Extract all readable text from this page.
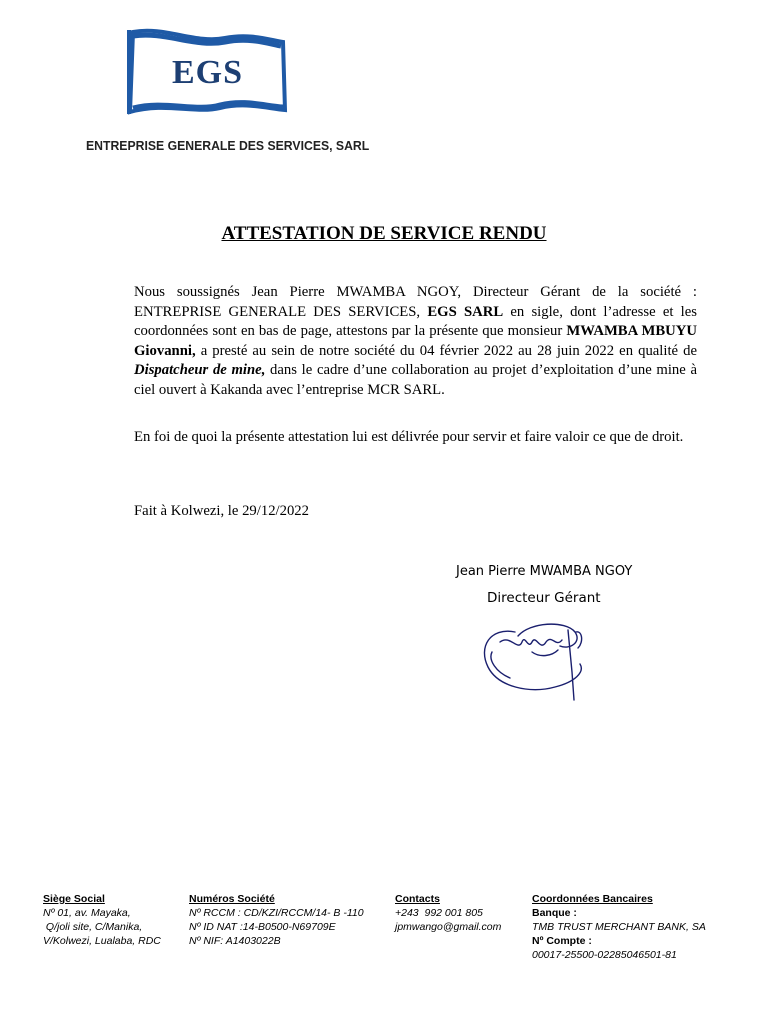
EGS
ENTREPRISE GENERALE DES SERVICES, SARL
ATTESTATION DE SERVICE RENDU
Nous soussignés Jean Pierre MWAMBA NGOY, Directeur Gérant de la société : ENTREPRISE GENERALE DES SERVICES, EGS SARL en sigle, dont l’adresse et les coordonnées sont en bas de page, attestons par la présente que monsieur MWAMBA MBUYU Giovanni, a presté au sein de notre société du 04 février 2022 au 28 juin 2022 en qualité de Dispatcheur de mine, dans le cadre d’une collaboration au projet d’exploitation d’une mine à ciel ouvert à Kakanda avec l’entreprise MCR SARL.
En foi de quoi la présente attestation lui est délivrée pour servir et faire valoir ce que de droit.
Fait à Kolwezi, le 29/12/2022
Jean Pierre MWAMBA NGOY
Directeur Gérant
Siège Social
Nº 01, av. Mayaka,
Q/joli site, C/Manika,
V/Kolwezi, Lualaba, RDC
Numéros Société
Nº RCCM : CD/KZI/RCCM/14- B -110
Nº ID NAT :14-B0500-N69709E
Nº NIF: A1403022B
Contacts
+243  992 001 805
jpmwango@gmail.com
Coordonnées Bancaires
Banque :
TMB TRUST MERCHANT BANK, SA
Nº Compte :
00017-25500-02285046501-81
